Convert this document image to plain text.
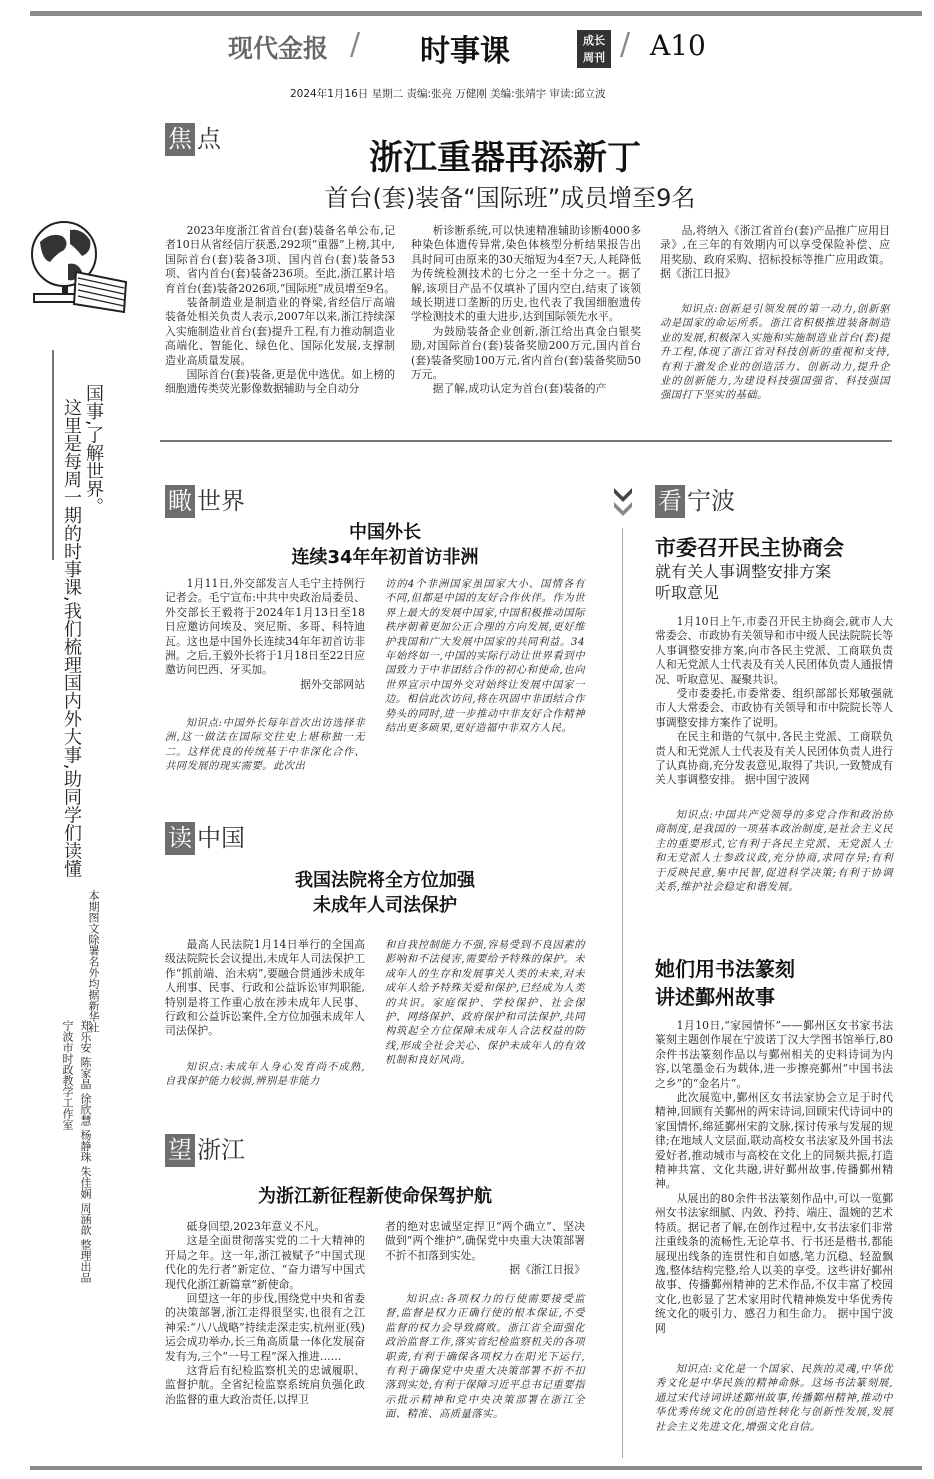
现代金报 / 时事课	成长
周刊 / A10
2024年1月16日 星期二 责编:张亮 万健刚 美编:张靖宇 审读:邱立波
国事,了解世界。
这里是每周一期的时事课,我们梳理国内外大事,助同学们读懂
本期图文除署名外均据新华社
宁波市时政教学工作室 郑乐安 陈家晶 徐欣慧 杨静珠 朱佳娴 周涵歆 整理出品
焦 点	浙江重器再添新丁
首台(套)装备“国际班”成员增至9名

2023年度浙江省首台(套)装备名单公布,记者10日从省经信厅获悉,292项“重器”上榜,其中,国际首台(套)装备3项、国内首台(套)装备53项、省内首台(套)装备236项。至此,浙江累计培育首台(套)装备2026项,“国际班”成员增至9名。

装备制造业是制造业的脊梁,省经信厅高端装备处相关负责人表示,2007年以来,浙江持续深入实施制造业首台(套)提升工程,有力推动制造业高端化、智能化、绿色化、国际化发展,支撑制造业高质量发展。

国际首台(套)装备,更是优中选优。如上榜的细胞遗传类荧光影像数据辅助与全自动分

析诊断系统,可以快速精准辅助诊断4000多种染色体遗传异常,染色体核型分析结果报告出具时间可由原来的30天缩短为4至7天,人耗降低为传统检测技术的七分之一至十分之一。据了解,该项目产品不仅填补了国内空白,结束了该领域长期进口垄断的历史,也代表了我国细胞遗传学检测技术的重大进步,达到国际领先水平。

为鼓励装备企业创新,浙江给出真金白银奖励,对国际首台(套)装备奖励200万元,国内首台(套)装备奖励100万元,省内首台(套)装备奖励50万元。

据了解,成功认定为首台(套)装备的产

品,将纳入《浙江省首台(套)产品推广应用目录》,在三年的有效期内可以享受保险补偿、应用奖励、政府采购、招标投标等推广应用政策。 据《浙江日报》

知识点:创新是引领发展的第一动力,创新驱动是国家的命运所系。浙江省积极推进装备制造业的发展,积极深入实施和实施制造业首台(套)提升工程,体现了浙江省对科技创新的重视和支持,有利于激发企业的创造活力、创新动力,提升企业的创新能力,为建设科技强国强省、科技强国强国打下坚实的基础。

瞰 世界
中国外长
连续34年年初首访非洲

1月11日,外交部发言人毛宁主持例行记者会。毛宁宣布:中共中央政治局委员、外交部长王毅将于2024年1月13日至18日应邀访问埃及、突尼斯、多哥、科特迪瓦。这也是中国外长连续34年年初首访非洲。之后,王毅外长将于1月18日至22日应邀访问巴西、牙买加。

据外交部网站

知识点:中国外长每年首次出访选择非洲,这一做法在国际交往史上堪称独一无二。这样优良的传统基于中非深化合作、共同发展的现实需要。此次出

访的4个非洲国家虽国家大小、国情各有不同,但都是中国的友好合作伙伴。作为世界上最大的发展中国家,中国积极推动国际秩序朝着更加公正合理的方向发展,更好维护我国和广大发展中国家的共同利益。34年始终如一,中国的实际行动让世界看到中国致力于中非团结合作的初心和使命,也向世界宣示中国外交对始终让发展中国家一边。相信此次访问,将在巩固中非团结合作势头的同时,进一步推动中非友好合作精神结出更多硕果,更好造福中非双方人民。
读 中国
我国法院将全方位加强
未成年人司法保护

最高人民法院1月14日举行的全国高级法院院长会议提出,未成年人司法保护工作“抓前端、治未病”,要融合贯通涉未成年人刑事、民事、行政和公益诉讼审判职能,特别是将工作重心放在涉未成年人民事、行政和公益诉讼案件,全方位加强未成年人司法保护。

知识点:未成年人身心发育尚不成熟,自我保护能力较弱,辨别是非能力

和自我控制能力不强,容易受到不良因素的影响和不法侵害,需要给予特殊的保护。未成年人的生存和发展事关人类的未来,对未成年人给予特殊关爱和保护,已经成为人类的共识。家庭保护、学校保护、社会保护、网络保护、政府保护和司法保护,共同构筑起全方位保障未成年人合法权益的防线,形成全社会关心、保护未成年人的有效机制和良好风尚。
望 浙江
为浙江新征程新使命保驾护航

砥身回望,2023年意义不凡。

这是全面贯彻落实党的二十大精神的开局之年。这一年,浙江被赋予“中国式现代化的先行者”新定位、“奋力谱写中国式现代化浙江新篇章”新使命。

回望这一年的步伐,围绕党中央和省委的决策部署,浙江走得很坚实,也很有之江神采:“八八战略”持续走深走实,杭州亚(残)运会成功举办,长三角高质量一体化发展奋发有为,三个“一号工程”深入推进……

这背后有纪检监察机关的忠诚履职、监督护航。全省纪检监察系统肩负强化政治监督的重大政治责任,以捍卫

者的绝对忠诚坚定捍卫“两个确立”、坚决做到“两个维护”,确保党中央重大决策部署不折不扣落到实处。
据《浙江日报》

知识点:各项权力的行使需要接受监督,监督是权力正确行使的根本保证,不受监督的权力会导致腐败。浙江省全面强化政治监督工作,落实省纪检监察机关的各项职责,有利于确保各项权力在阳光下运行,有利于确保党中央重大决策部署不折不扣落到实处,有利于保障习近平总书记重要指示批示精神和党中央决策部署在浙江全面、精准、高质量落实。

看 宁波
市委召开民主协商会
就有关人事调整安排方案
听取意见

1月10日上午,市委召开民主协商会,就市人大常委会、市政协有关领导和市中级人民法院院长等人事调整安排方案,向市各民主党派、工商联负责人和无党派人士代表及有关人民团体负责人通报情况、听取意见、凝聚共识。

受市委委托,市委常委、组织部部长郑敏强就市人大常委会、市政协有关领导和市中院院长等人事调整安排方案作了说明。

在民主和谐的气氛中,各民主党派、工商联负责人和无党派人士代表及有关人民团体负责人进行了认真协商,充分发表意见,取得了共识,一致赞成有关人事调整安排。 据中国宁波网

知识点:中国共产党领导的多党合作和政治协商制度,是我国的一项基本政治制度,是社会主义民主的重要形式,它有利于各民主党派、无党派人士和无党派人士参政议政,充分协商,求同存异;有利于反映民意,集中民智,促进科学决策;有利于协调关系,维护社会稳定和谐发展。

她们用书法篆刻
讲述鄞州故事

1月10日,“家园情怀”——鄞州区女书家书法篆刻主题创作展在宁波诺丁汉大学图书馆举行,80余件书法篆刻作品以与鄞州相关的史料诗词为内容,以笔墨金石为载体,进一步擦亮鄞州“中国书法之乡”的“金名片”。

此次展览中,鄞州区女书法家协会立足于时代精神,回顾有关鄞州的两宋诗词,回顾宋代诗词中的家国情怀,绵延鄞州宋韵文脉,探讨传承与发展的规律;在地域人文层面,联动高校女书法家及外国书法爱好者,推动城市与高校在文化上的同频共振,打造精神共富、文化共融,讲好鄞州故事,传播鄞州精神。

从展出的80余件书法篆刻作品中,可以一览鄞州女书法家细腻、内敛、矜持、端庄、温婉的艺术特质。据记者了解,在创作过程中,女书法家们非常注重线条的流畅性,无论草书、行书还是楷书,都能展现出线条的连贯性和自如感,笔力沉稳、轻盈飘逸,整体结构完整,给人以美的享受。这些讲好鄞州故事、传播鄞州精神的艺术作品,不仅丰富了校园文化,也彰显了艺术家用时代精神焕发中华优秀传统文化的吸引力、感召力和生命力。 据中国宁波网

知识点:文化是一个国家、民族的灵魂,中华优秀文化是中华民族的精神命脉。这场书法篆刻展,通过宋代诗词讲述鄞州故事,传播鄞州精神,推动中华优秀传统文化的创造性转化与创新性发展,发展社会主义先进文化,增强文化自信。
